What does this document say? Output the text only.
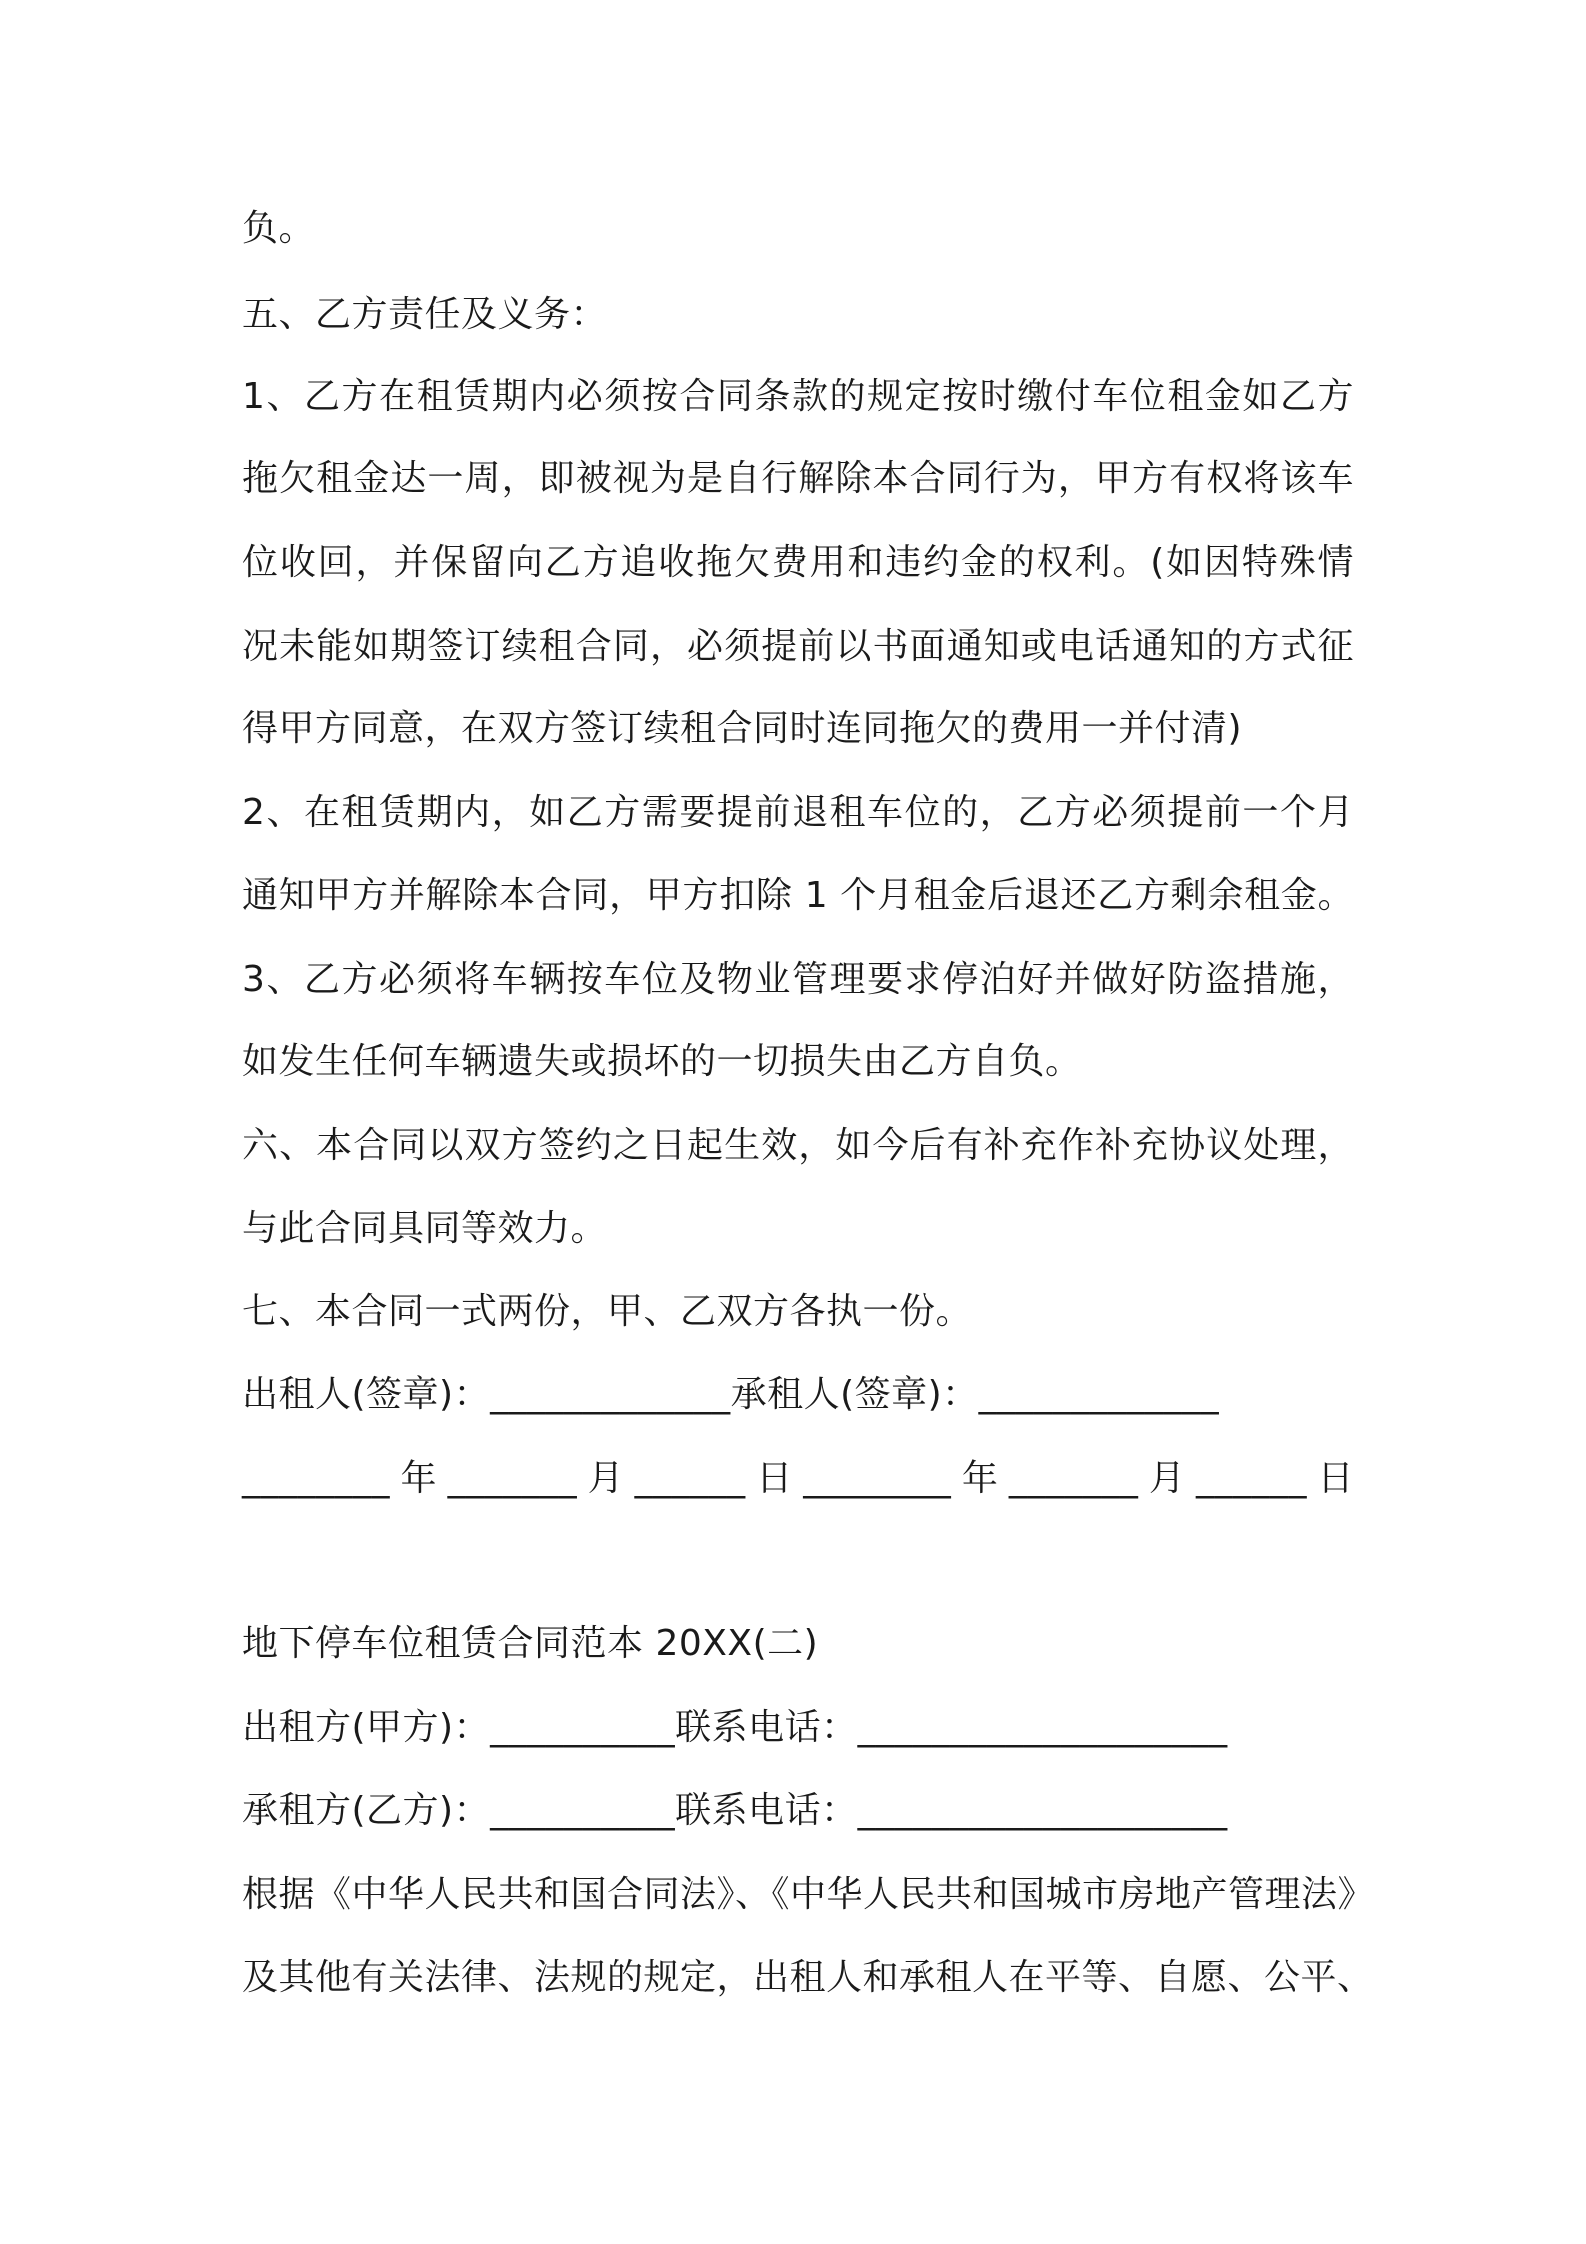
负。
五、乙方责任及义务：
1、乙方在租赁期内必须按合同条款的规定按时缴付车位租金如乙方
拖欠租金达一周，即被视为是自行解除本合同行为，甲方有权将该车
位收回，并保留向乙方追收拖欠费用和违约金的权利。(如因特殊情
况未能如期签订续租合同，必须提前以书面通知或电话通知的方式征
得甲方同意，在双方签订续租合同时连同拖欠的费用一并付清)
2、在租赁期内，如乙方需要提前退租车位的，乙方必须提前一个月
通知甲方并解除本合同，甲方扣除 1 个月租金后退还乙方剩余租金。
3、乙方必须将车辆按车位及物业管理要求停泊好并做好防盗措施，
如发生任何车辆遗失或损坏的一切损失由乙方自负。
六、本合同以双方签约之日起生效，如今后有补充作补充协议处理，
与此合同具同等效力。
七、本合同一式两份，甲、乙双方各执一份。
出租人(签章)：_____________承租人(签章)：_____________
________年_______月______日________年_______月______日
地下停车位租赁合同范本 20XX(二)
出租方(甲方)：__________联系电话：____________________
承租方(乙方)：__________联系电话：____________________
根据《中华人民共和国合同法》、《中华人民共和国城市房地产管理法》
及其他有关法律、法规的规定，出租人和承租人在平等、自愿、公平、
